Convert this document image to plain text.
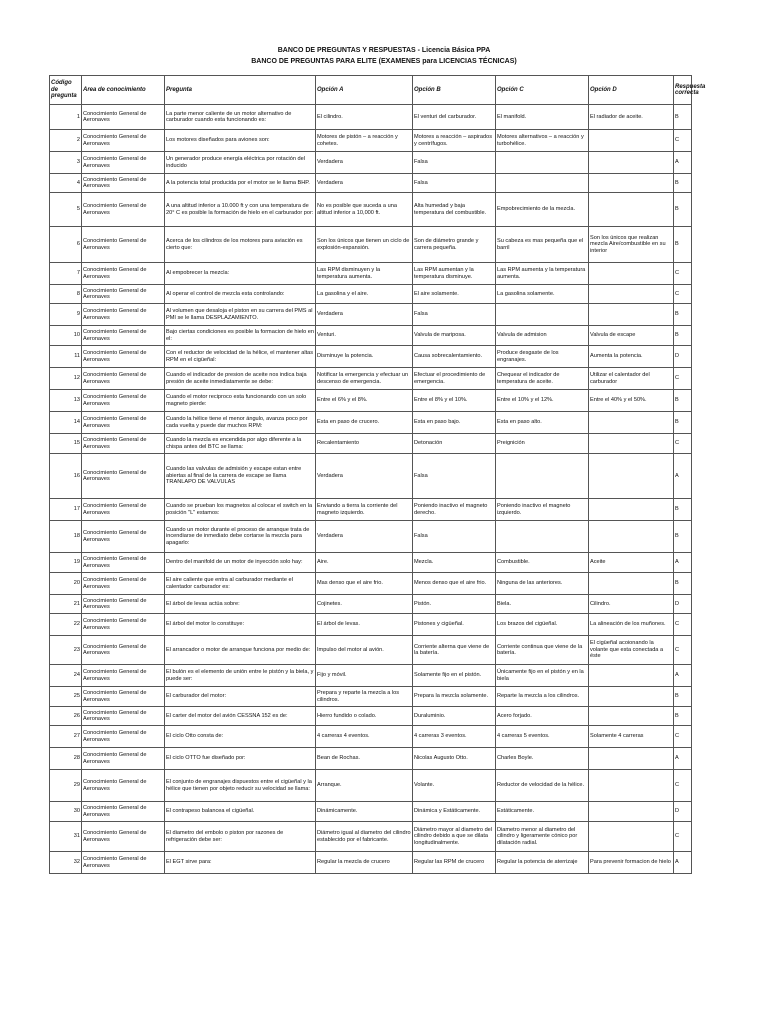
BANCO DE PREGUNTAS Y RESPUESTAS - Licencia Básica PPA
BANCO DE PREGUNTAS PARA ELITE (EXAMENES para LICENCIAS TÉCNICAS)
Código de pregunta	Area de conocimiento	Pregunta	Opción A	Opción B	Opción C	Opción D	Respuesta correcta
1	Conocimiento General de Aeronaves	La parte menor caliente de un motor alternativo de carburador cuando esta funcionando es:	El cilindro.	El venturi del carburador.	El manifold.	El radiador de aceite.	B
2	Conocimiento General de Aeronaves	Los motores diseñados para aviones son:	Motores de pistón – a reacción y cohetes.	Motores a reacción – aspirados y centrífugos.	Motores alternativos – a reacción y turbohélice.		C
3	Conocimiento General de Aeronaves	Un generador produce energía eléctrica por rotación del inducido	Verdadera	Falsa			A
4	Conocimiento General de Aeronaves	A la potencia total producida por el motor se le llama BHP.	Verdadera	Falsa			B
5	Conocimiento General de Aeronaves	A una altitud inferior a 10.000 ft y con una temperatura de 20° C es posible la formación de hielo en el carburador por:	No es posible que suceda a una altitud inferior a 10,000 ft.	Alta humedad y baja temperatura del combustible.	Empobrecimiento de la mezcla.		B
6	Conocimiento General de Aeronaves	Acerca de los cilindros de los motores para aviación es cierto que:	Son los únicos que tienen un ciclo de explosión-expansión.	Son de diámetro grande y carrera pequeña.	Su cabeza es mas pequeña que el barril	Son los únicos que realizan mezcla Aire/combustible en su interior	B
7	Conocimiento General de Aeronaves	Al empobrecer la mezcla:	Las RPM disminuyen y la temperatura aumenta.	Las RPM aumentan y la temperatura disminuye.	Las RPM aumenta y la temperatura aumenta.		C
8	Conocimiento General de Aeronaves	Al operar el control de mezcla esta controlando:	La gasolina y el aire.	El aire solamente.	La gasolina solamente.		C
9	Conocimiento General de Aeronaves	Al volumen que desaloja el piston en su carrera del PMS al PMI se le llama DESPLAZAMIENTO.	Verdadera	Falsa			B
10	Conocimiento General de Aeronaves	Bajo ciertas condiciones es posible la formacion de hielo en el:	Venturi.	Valvula de mariposa.	Valvula de admision	Valvula de escape	B
11	Conocimiento General de Aeronaves	Con el reductor de velocidad de la hélice, el mantener altas RPM en el cigüeñal:	Disminuye la potencia.	Causa sobrecalentamiento.	Produce desgaste de los engranajes.	Aumenta la potencia.	D
12	Conocimiento General de Aeronaves	Cuando el indicador de presion de aceite nos indica baja presión de aceite inmediatamente se debe:	Notificar la emergencia y efectuar un descenso de emergencia.	Efectuar el procedimiento de emergencia.	Chequear el indicador de temperatura de aceite.	Utilizar el calentador del carburador	C
13	Conocimiento General de Aeronaves	Cuando el motor reciproco esta funcionando con un solo magneto pierde:	Entre el 6% y el 8%.	Entre el 8% y el 10%.	Entre el 10% y el 12%.	Entre el 40% y el 50%.	B
14	Conocimiento General de Aeronaves	Cuando la hélice tiene el menor ángulo, avanza poco por cada vuelta y puede dar muchos RPM:	Esta en paso de crucero.	Esta en paso bajo.	Esta en paso alto.		B
15	Conocimiento General de Aeronaves	Cuando la mezcla es encendida por algo diferente a la chispa antes del BTC se llama:	Recalentamiento	Detonación	Preignición		C
16	Conocimiento General de Aeronaves	Cuando las valvulas de admisión y escape estan entre abiertas al final de la carrera de escape se llama TRANLAPO DE VALVULAS	Verdadera	Falsa			A
17	Conocimiento General de Aeronaves	Cuando se prueban los magnetos al colocar el switch en la posición "L" estamos:	Enviando a tierra la corriente del magneto izquierdo.	Poniendo inactivo el magneto derecho.	Poniendo inactivo el magneto izquierdo.		B
18	Conocimiento General de Aeronaves	Cuando un motor durante el proceso de arranque trata de incendiarse de inmediato debe cortarse la mezcla para apagarlo:	Verdadera	Falsa			B
19	Conocimiento General de Aeronaves	Dentro del manifold de un motor de inyección solo hay:	Aire.	Mezcla.	Combustible.	Aceite	A
20	Conocimiento General de Aeronaves	El aire caliente que entra al carburador mediante el calentador carburador es:	Mas denso que el aire frio.	Menos denso que el aire frio.	Ninguna de las anteriores.		B
21	Conocimiento General de Aeronaves	El árbol de levas actúa sobre:	Cojinetes.	Pistón.	Biela.	Cilindro.	D
22	Conocimiento General de Aeronaves	El árbol del motor lo constituye:	El árbol de levas.	Pistones y cigüeñal.	Los brazos del cigüeñal.	La alineación de los muñones.	C
23	Conocimiento General de Aeronaves	El arrancador o motor de arranque funciona por medio de:	Impulso del motor al avión.	Corriente alterna que viene de la batería.	Corriente continua que viene de la batería.	El cigüeñal acoionando la volante que esta conectada a éste	C
24	Conocimiento General de Aeronaves	El bulón es el elemento de unión entre le pistón y la biela, y puede ser:	Fijo y móvil.	Solamente fijo en el pistón.	Únicamente fijo en el pistón y en la biela		A
25	Conocimiento General de Aeronaves	El carburador del motor:	Prepara y reparte la mezcla a los cilindros.	Prepara la mezcla solamente.	Reparte la mezcla a los cilindros.		B
26	Conocimiento General de Aeronaves	El carter del motor del avión CESSNA 152 es de:	Hierro fundido o colado.	Duraluminio.	Acero forjado.		B
27	Conocimiento General de Aeronaves	El ciclo Otto consta de:	4 carreras 4 eventos.	4 carreras 3 eventos.	4 carreras 5 eventos.	Solamente 4 carreras	C
28	Conocimiento General de Aeronaves	El ciclo OTTO fue diseñado por:	Bean de Rochas.	Nicolas Augusto Otto.	Charles Boyle.		A
29	Conocimiento General de Aeronaves	El conjunto de engranajes dispuestos entre el cigüeñal y la hélice que tienen por objeto reducir su velocidad se llama:	Arranque.	Volante.	Reductor de velocidad de la hélice.		C
30	Conocimiento General de Aeronaves	El contrapeso balancea el cigüeñal.	Dinámicamente.	Dinámica y Estáticamente.	Estáticamente.		D
31	Conocimiento General de Aeronaves	El diametro del embolo o piston por razones de refrigeración debe ser:	Diámetro igual al diametro del cilindro establecido por el fabricante.	Diámetro mayor al diametro del cilindro debido a que se dilata longitudinalmente.	Diametro menor al diametro del cilindro y ligeramente cónico por dilatación radial.		C
32	Conocimiento General de Aeronaves	El EGT sirve para:	Regular la mezcla de crucero	Regular las RPM de crucero	Regular la potencia de aterrizaje	Para prevenir formacion de hielo	A
